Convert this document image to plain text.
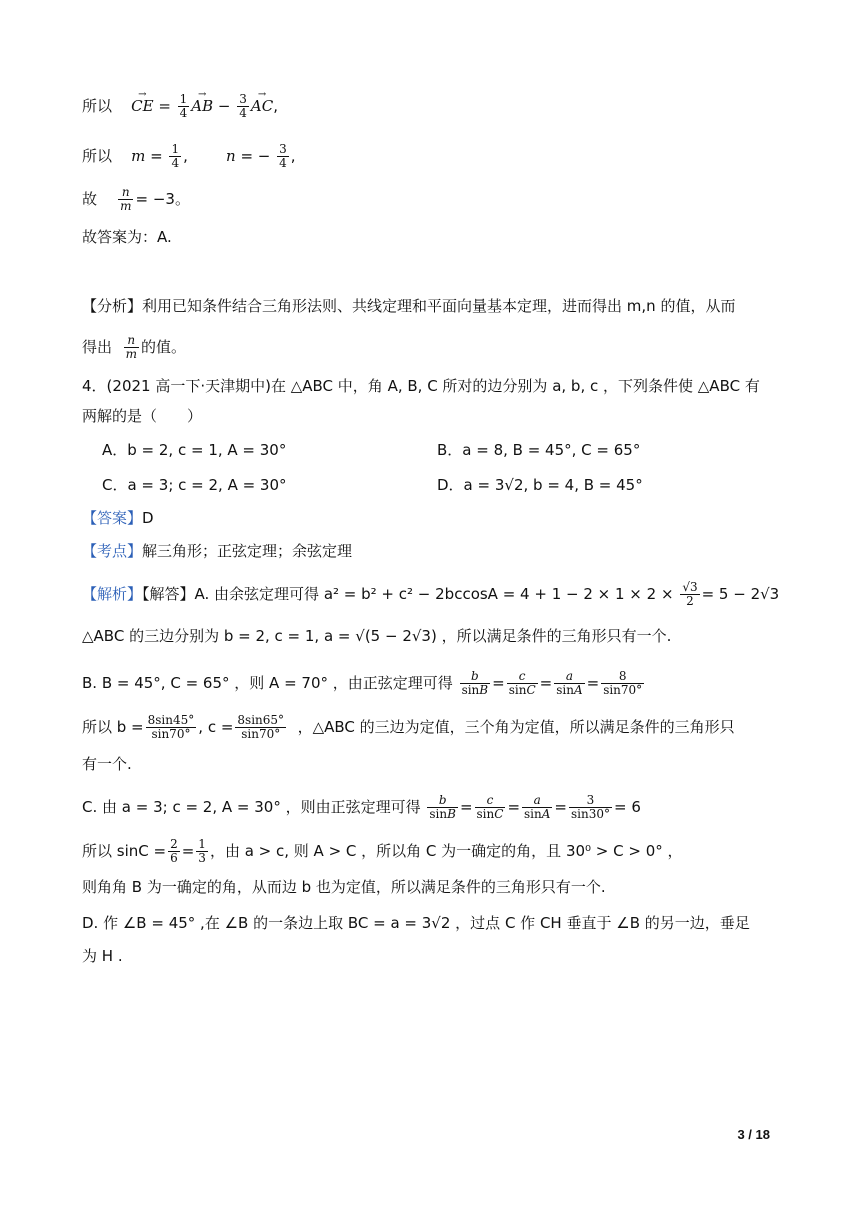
所以 → CE = $\frac{1}{4}$ → AB − $\frac{3}{4}$ → AC,
所以 $m = \frac{1}{4}$ ,        n = − $\frac{3}{4}$ ,
故 $\frac{n}{m} = -3$。
故答案为：A.
【分析】利用已知条件结合三角形法则、共线定理和平面向量基本定理，进而得出 m,n 的值，从而
得出 $\frac{n}{m}$ 的值。
4．(2021 高一下·天津期中)在 △ABC 中，角 A, B, C 所对的边分别为 a, b, c ，下列条件使 △ABC 有
两解的是（　　）
A．b = 2, c = 1, A = 30°	B．a = 8, B = 45°, C = 65°
C．a = 3; c = 2, A = 30°	D．a = 3√2, b = 4, B = 45°
【答案】D
【考点】解三角形；正弦定理；余弦定理
【解析】【解答】A. 由余弦定理可得 $a^2 = b^2 + c^2 - 2bccosA = 4 + 1 - 2 \times 1 \times 2 \times \frac{√3}{2} = 5 - 2√3$
△ABC 的三边分别为 b = 2, c = 1, a = √(5 − 2√3) ，所以满足条件的三角形只有一个.
B. B = 45°, C = 65° ，则 A = 70° ，由正弦定理可得 $\frac{b}{\sin B} = \frac{c}{\sin C} = \frac{a}{\sin A} = \frac{8}{\sin 70^\circ}$
所以 $b = \frac{8\sin 45^\circ}{\sin 70^\circ}$ , $c = \frac{8\sin 65^\circ}{\sin 70^\circ}$ ，△ABC 的三边为定值，三个角为定值，所以满足条件的三角形只
有一个.
C. 由 a = 3; c = 2, A = 30° ，则由正弦定理可得 $\frac{b}{\sin B} = \frac{c}{\sin C} = \frac{a}{\sin A} = \frac{3}{\sin 30^\circ} = 6$
所以 $\sin C = \frac{2}{6} = \frac{1}{3}$ ，由 a > c, 则 A > C ，所以角 C 为一确定的角，且 30⁰ > C > 0° ，
则角角 B 为一确定的角，从而边 b 也为定值，所以满足条件的三角形只有一个.
D. 作 ∠B = 45° ,在 ∠B 的一条边上取 BC = a = 3√2 ，过点 C 作 CH 垂直于 ∠B 的另一边，垂足
为 H .
3 / 18
